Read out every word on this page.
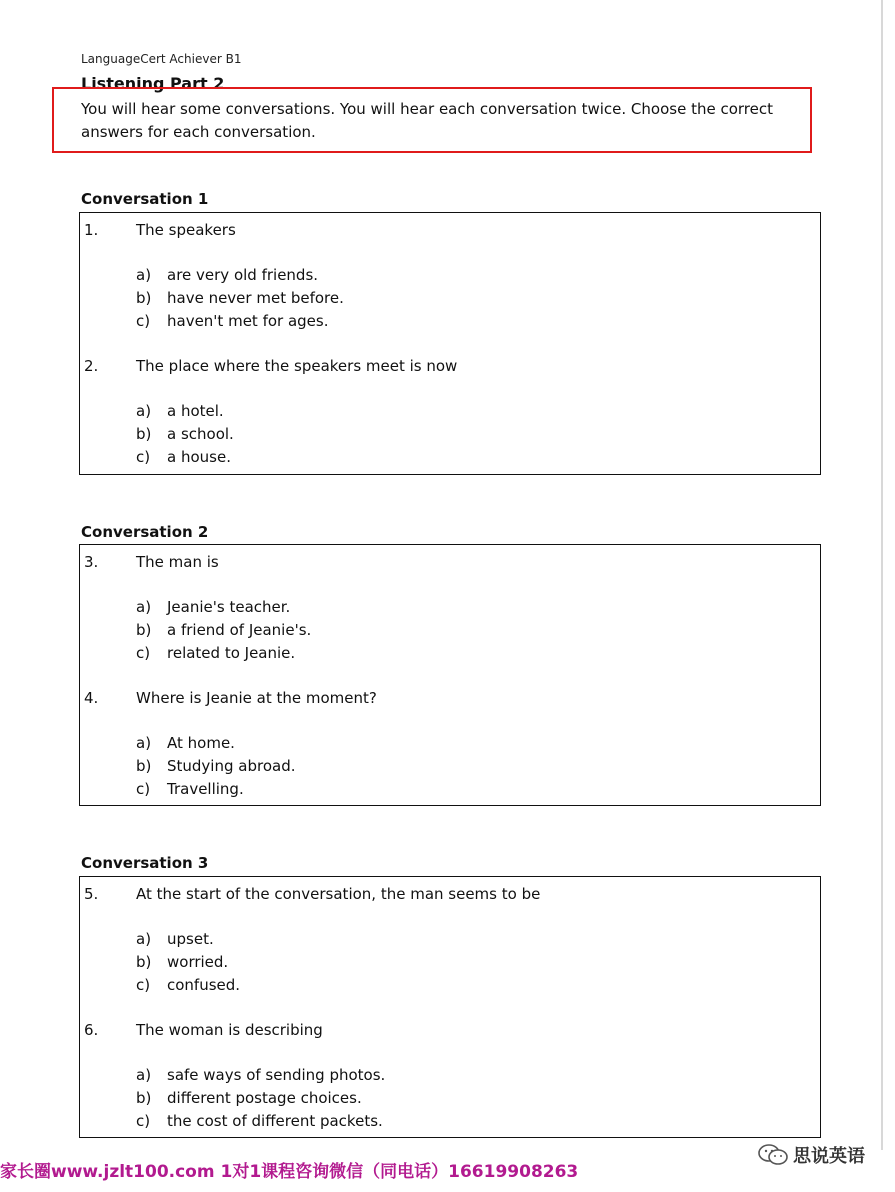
LanguageCert Achiever B1
Listening Part 2
You will hear some conversations. You will hear each conversation twice. Choose the correct answers for each conversation.
Conversation 1
1.	The speakers
a) are very old friends.
b) have never met before.
c) haven't met for ages.
2.	The place where the speakers meet is now
a) a hotel.
b) a school.
c) a house.
Conversation 2
3.	The man is
a) Jeanie's teacher.
b) a friend of Jeanie's.
c) related to Jeanie.
4.	Where is Jeanie at the moment?
a) At home.
b) Studying abroad.
c) Travelling.
Conversation 3
5.	At the start of the conversation, the man seems to be
a) upset.
b) worried.
c) confused.
6.	The woman is describing
a) safe ways of sending photos.
b) different postage choices.
c) the cost of different packets.
家长圈www.jzlt100.com 1对1课程咨询微信（同电话）16619908263
思说英语
